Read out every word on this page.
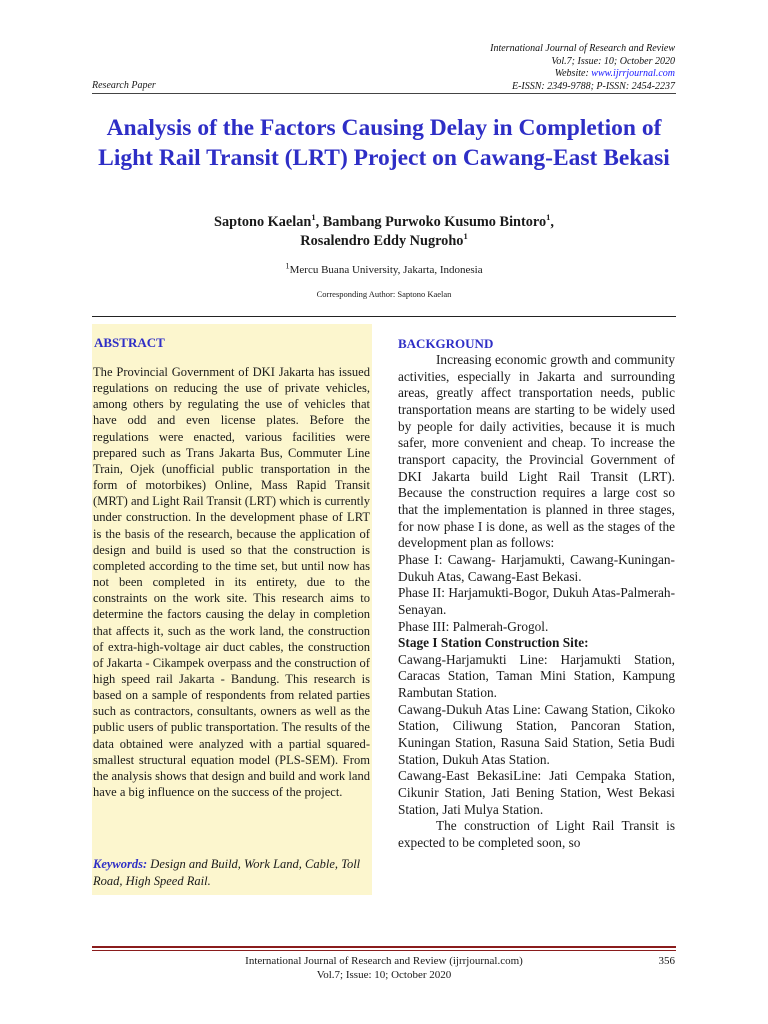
International Journal of Research and Review
Vol.7; Issue: 10; October 2020
Website: www.ijrrjournal.com
E-ISSN: 2349-9788; P-ISSN: 2454-2237
Research Paper
Analysis of the Factors Causing Delay in Completion of Light Rail Transit (LRT) Project on Cawang-East Bekasi
Saptono Kaelan$^1$, Bambang Purwoko Kusumo Bintoro$^1$,
Rosalendro Eddy Nugroho$^1$
$^1$Mercu Buana University, Jakarta, Indonesia
Corresponding Author: Saptono Kaelan
ABSTRACT

The Provincial Government of DKI Jakarta has issued regulations on reducing the use of private vehicles, among others by regulating the use of vehicles that have odd and even license plates. Before the regulations were enacted, various facilities were prepared such as Trans Jakarta Bus, Commuter Line Train, Ojek (unofficial public transportation in the form of motorbikes) Online, Mass Rapid Transit (MRT) and Light Rail Transit (LRT) which is currently under construction. In the development phase of LRT is the basis of the research, because the application of design and build is used so that the construction is completed according to the time set, but until now has not been completed in its entirety, due to the constraints on the work site. This research aims to determine the factors causing the delay in completion that affects it, such as the work land, the construction of extra-high-voltage air duct cables, the construction of Jakarta - Cikampek overpass and the construction of high speed rail Jakarta - Bandung. This research is based on a sample of respondents from related parties such as contractors, consultants, owners as well as the public users of public transportation. The results of the data obtained were analyzed with a partial squared-smallest structural equation model (PLS-SEM). From the analysis shows that design and build and work land have a big influence on the success of the project.

Keywords: Design and Build, Work Land, Cable, Toll Road, High Speed Rail.
BACKGROUND

Increasing economic growth and community activities, especially in Jakarta and surrounding areas, greatly affect transportation needs, public transportation means are starting to be widely used by people for daily activities, because it is much safer, more convenient and cheap. To increase the transport capacity, the Provincial Government of DKI Jakarta build Light Rail Transit (LRT). Because the construction requires a large cost so that the implementation is planned in three stages, for now phase I is done, as well as the stages of the development plan as follows:

Phase I: Cawang- Harjamukti, Cawang-Kuningan-Dukuh Atas, Cawang-East Bekasi.

Phase II: Harjamukti-Bogor, Dukuh Atas-Palmerah-Senayan.

Phase III: Palmerah-Grogol.

Stage I Station Construction Site:

Cawang-Harjamukti Line: Harjamukti Station, Caracas Station, Taman Mini Station, Kampung Rambutan Station.

Cawang-Dukuh Atas Line: Cawang Station, Cikoko Station, Ciliwung Station, Pancoran Station, Kuningan Station, Rasuna Said Station, Setia Budi Station, Dukuh Atas Station.

Cawang-East BekasiLine: Jati Cempaka Station, Cikunir Station, Jati Bening Station, West Bekasi Station, Jati Mulya Station.

The construction of Light Rail Transit is expected to be completed soon, so

International Journal of Research and Review (ijrrjournal.com)
Vol.7; Issue: 10; October 2020
356
